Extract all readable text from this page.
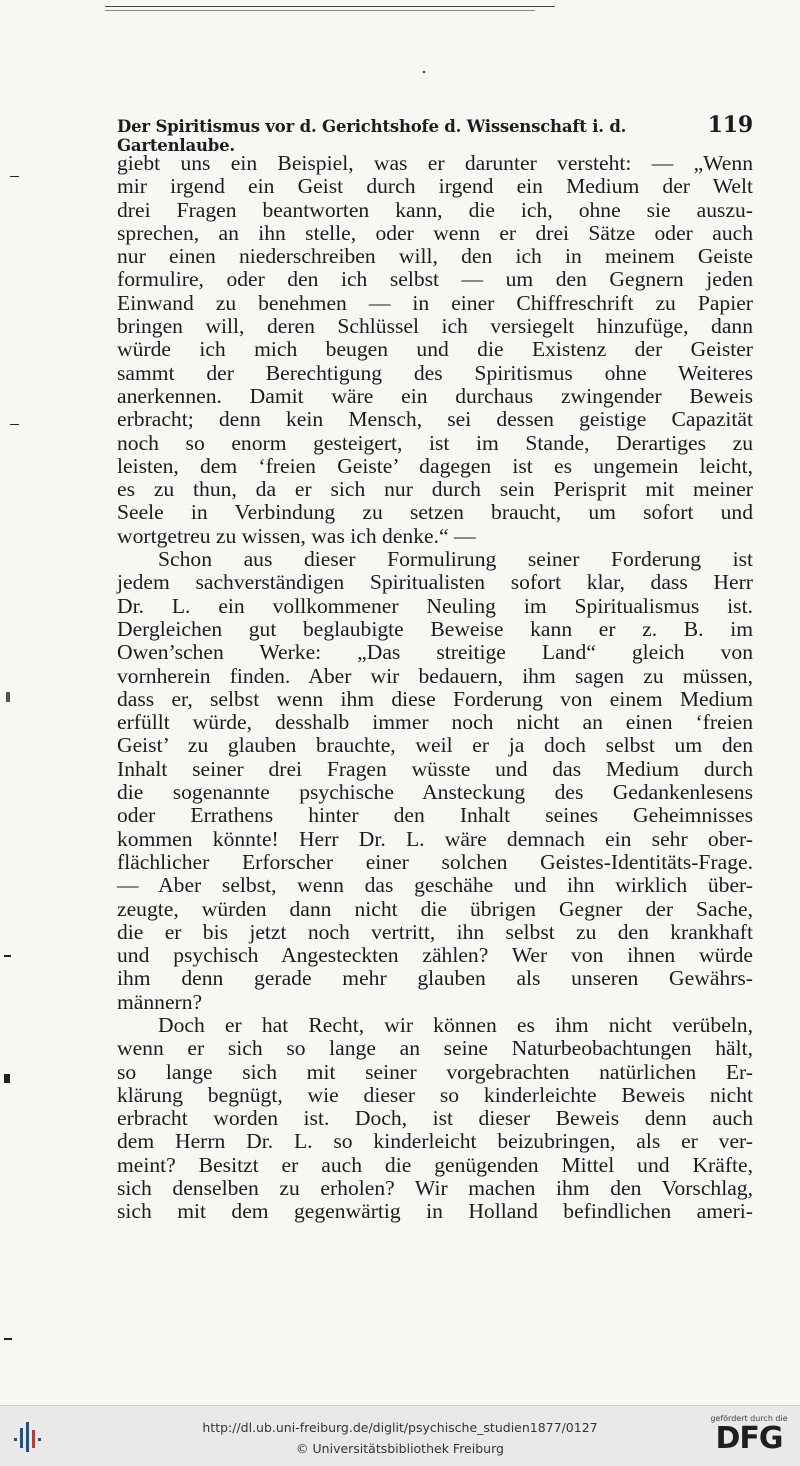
Der Spiritismus vor d. Gerichtshofe d. Wissenschaft i. d. Gartenlaube.
119
giebt uns ein Beispiel, was er darunter versteht: — „Wenn
mir irgend ein Geist durch irgend ein Medium der Welt
drei Fragen beantworten kann, die ich, ohne sie auszu-
sprechen, an ihn stelle, oder wenn er drei Sätze oder auch
nur einen niederschreiben will, den ich in meinem Geiste
formulire, oder den ich selbst — um den Gegnern jeden
Einwand zu benehmen — in einer Chiffreschrift zu Papier
bringen will, deren Schlüssel ich versiegelt hinzufüge, dann
würde ich mich beugen und die Existenz der Geister
sammt der Berechtigung des Spiritismus ohne Weiteres
anerkennen. Damit wäre ein durchaus zwingender Beweis
erbracht; denn kein Mensch, sei dessen geistige Capazität
noch so enorm gesteigert, ist im Stande, Derartiges zu
leisten, dem ‘freien Geiste’ dagegen ist es ungemein leicht,
es zu thun, da er sich nur durch sein Perisprit mit meiner
Seele in Verbindung zu setzen braucht, um sofort und
wortgetreu zu wissen, was ich denke.“ —
Schon aus dieser Formulirung seiner Forderung ist
jedem sachverständigen Spiritualisten sofort klar, dass Herr
Dr. L. ein vollkommener Neuling im Spiritualismus ist.
Dergleichen gut beglaubigte Beweise kann er z. B. im
Owen’schen Werke: „Das streitige Land“ gleich von
vornherein finden. Aber wir bedauern, ihm sagen zu müssen,
dass er, selbst wenn ihm diese Forderung von einem Medium
erfüllt würde, desshalb immer noch nicht an einen ‘freien
Geist’ zu glauben brauchte, weil er ja doch selbst um den
Inhalt seiner drei Fragen wüsste und das Medium durch
die sogenannte psychische Ansteckung des Gedankenlesens
oder Errathens hinter den Inhalt seines Geheimnisses
kommen könnte! Herr Dr. L. wäre demnach ein sehr ober-
flächlicher Erforscher einer solchen Geistes-Identitäts-Frage.
— Aber selbst, wenn das geschähe und ihn wirklich über-
zeugte, würden dann nicht die übrigen Gegner der Sache,
die er bis jetzt noch vertritt, ihn selbst zu den krankhaft
und psychisch Angesteckten zählen? Wer von ihnen würde
ihm denn gerade mehr glauben als unseren Gewährs-
männern?
Doch er hat Recht, wir können es ihm nicht verübeln,
wenn er sich so lange an seine Naturbeobachtungen hält,
so lange sich mit seiner vorgebrachten natürlichen Er-
klärung begnügt, wie dieser so kinderleichte Beweis nicht
erbracht worden ist. Doch, ist dieser Beweis denn auch
dem Herrn Dr. L. so kinderleicht beizubringen, als er ver-
meint? Besitzt er auch die genügenden Mittel und Kräfte,
sich denselben zu erholen? Wir machen ihm den Vorschlag,
sich mit dem gegenwärtig in Holland befindlichen ameri-
http://dl.ub.uni-freiburg.de/diglit/psychische_studien1877/0127
© Universitätsbibliothek Freiburg
gefördert durch die
DFG
